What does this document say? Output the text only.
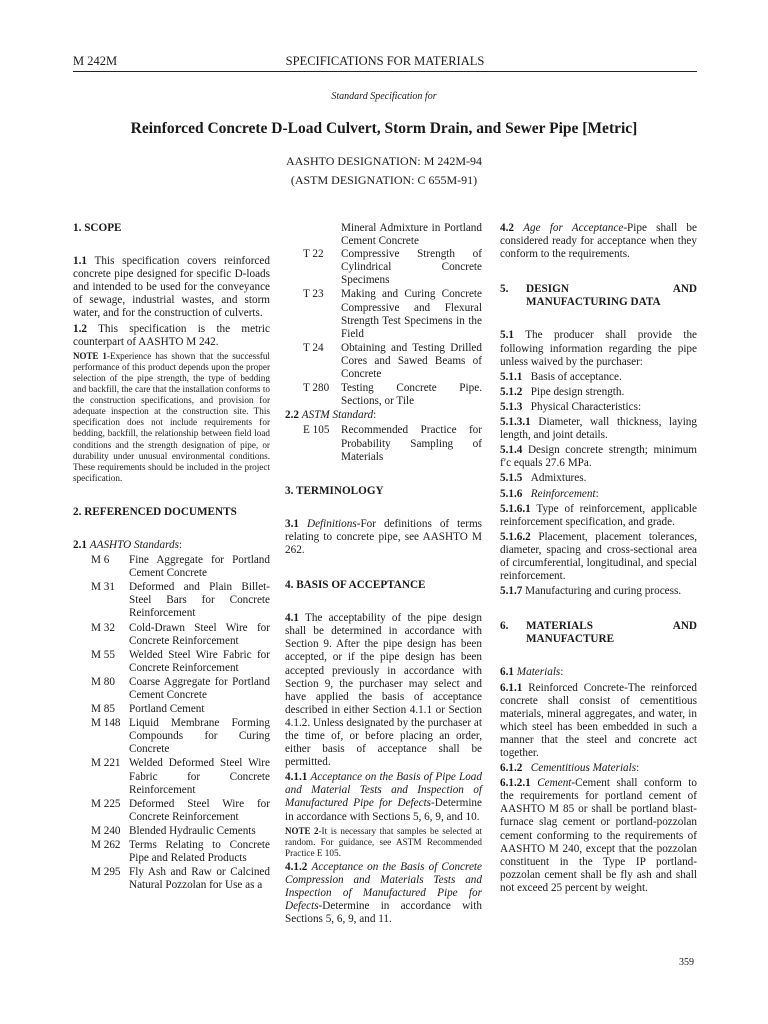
M 242M	SPECIFICATIONS FOR MATERIALS
Standard Specification for
Reinforced Concrete D-Load Culvert, Storm Drain, and Sewer Pipe [Metric]
AASHTO DESIGNATION: M 242M-94
(ASTM DESIGNATION: C 655M-91)
1. SCOPE

1.1 This specification covers reinforced concrete pipe designed for specific D-loads and intended to be used for the conveyance of sewage, industrial wastes, and storm water, and for the construction of culverts.

1.2 This specification is the metric counterpart of AASHTO M 242.

NOTE 1-Experience has shown that the successful performance of this product depends upon the proper selection of the pipe strength, the type of bedding and backfill, the care that the installation conforms to the construction specifications, and provision for adequate inspection at the construction site. This specification does not include requirements for bedding, backfill, the relationship between field load conditions and the strength designation of pipe, or durability under unusual environmental conditions. These requirements should be included in the project specification.

2. REFERENCED DOCUMENTS

2.1 AASHTO Standards:

M 6	Fine Aggregate for Portland Cement Concrete
M 31	Deformed and Plain Billet-Steel Bars for Concrete Reinforcement
M 32	Cold-Drawn Steel Wire for Concrete Reinforcement
M 55	Welded Steel Wire Fabric for Concrete Reinforcement
M 80	Coarse Aggregate for Portland Cement Concrete
M 85	Portland Cement
M 148 Liquid Membrane Forming Compounds for Curing Concrete
M 221 Welded Deformed Steel Wire Fabric for Concrete Reinforcement
M 225 Deformed Steel Wire for Concrete Reinforcement
M 240 Blended Hydraulic Cements
M 262 Terms Relating to Concrete Pipe and Related Products
M 295 Fly Ash and Raw or Calcined Natural Pozzolan for Use as a
Mineral Admixture in Portland Cement Concrete
T 22	Compressive Strength of Cylindrical Concrete Specimens
T 23	Making and Curing Concrete Compressive and Flexural Strength Test Specimens in the Field
T 24	Obtaining and Testing Drilled Cores and Sawed Beams of Concrete
T 280	Testing Concrete Pipe. Sections, or Tile

2.2 ASTM Standard:

E 105	Recommended Practice for Probability Sampling of Materials
3. TERMINOLOGY

3.1 Definitions-For definitions of terms relating to concrete pipe, see AASHTO M 262.

4. BASIS OF ACCEPTANCE

4.1 The acceptability of the pipe design shall be determined in accordance with Section 9. After the pipe design has been accepted, or if the pipe design has been accepted previously in accordance with Section 9, the purchaser may select and have applied the basis of acceptance described in either Section 4.1.1 or Section 4.1.2. Unless designated by the purchaser at the time of, or before placing an order, either basis of acceptance shall be permitted.

4.1.1 Acceptance on the Basis of Pipe Load and Material Tests and Inspection of Manufactured Pipe for Defects-Determine in accordance with Sections 5, 6, 9, and 10.

NOTE 2-It is necessary that samples be selected at random. For guidance, see ASTM Recommended Practice E 105.

4.1.2 Acceptance on the Basis of Concrete Compression and Materials Tests and Inspection of Manufactured Pipe for Defects-Determine in accordance with Sections 5, 6, 9, and 11.

4.2 Age for Acceptance-Pipe shall be considered ready for acceptance when they conform to the requirements.

5.	DESIGN AND MANUFACTURING DATA

5.1 The producer shall provide the following information regarding the pipe unless waived by the purchaser:

5.1.1 Basis of acceptance.

5.1.2 Pipe design strength.

5.1.3 Physical Characteristics:

5.1.3.1 Diameter, wall thickness, laying length, and joint details.

5.1.4 Design concrete strength; minimum f′c equals 27.6 MPa.

5.1.5 Admixtures.

5.1.6 Reinforcement:

5.1.6.1 Type of reinforcement, applicable reinforcement specification, and grade.

5.1.6.2 Placement, placement tolerances, diameter, spacing and cross-sectional area of circumferential, longitudinal, and special reinforcement.

5.1.7 Manufacturing and curing process.

6.	MATERIALS AND MANUFACTURE

6.1 Materials:

6.1.1 Reinforced Concrete-The reinforced concrete shall consist of cementitious materials, mineral aggregates, and water, in which steel has been embedded in such a manner that the steel and concrete act together.

6.1.2 Cementitious Materials:

6.1.2.1 Cement-Cement shall conform to the requirements for portland cement of AASHTO M 85 or shall be portland blast-furnace slag cement or portland-pozzolan cement conforming to the requirements of AASHTO M 240, except that the pozzolan constituent in the Type IP portland-pozzolan cement shall be fly ash and shall not exceed 25 percent by weight.

359
